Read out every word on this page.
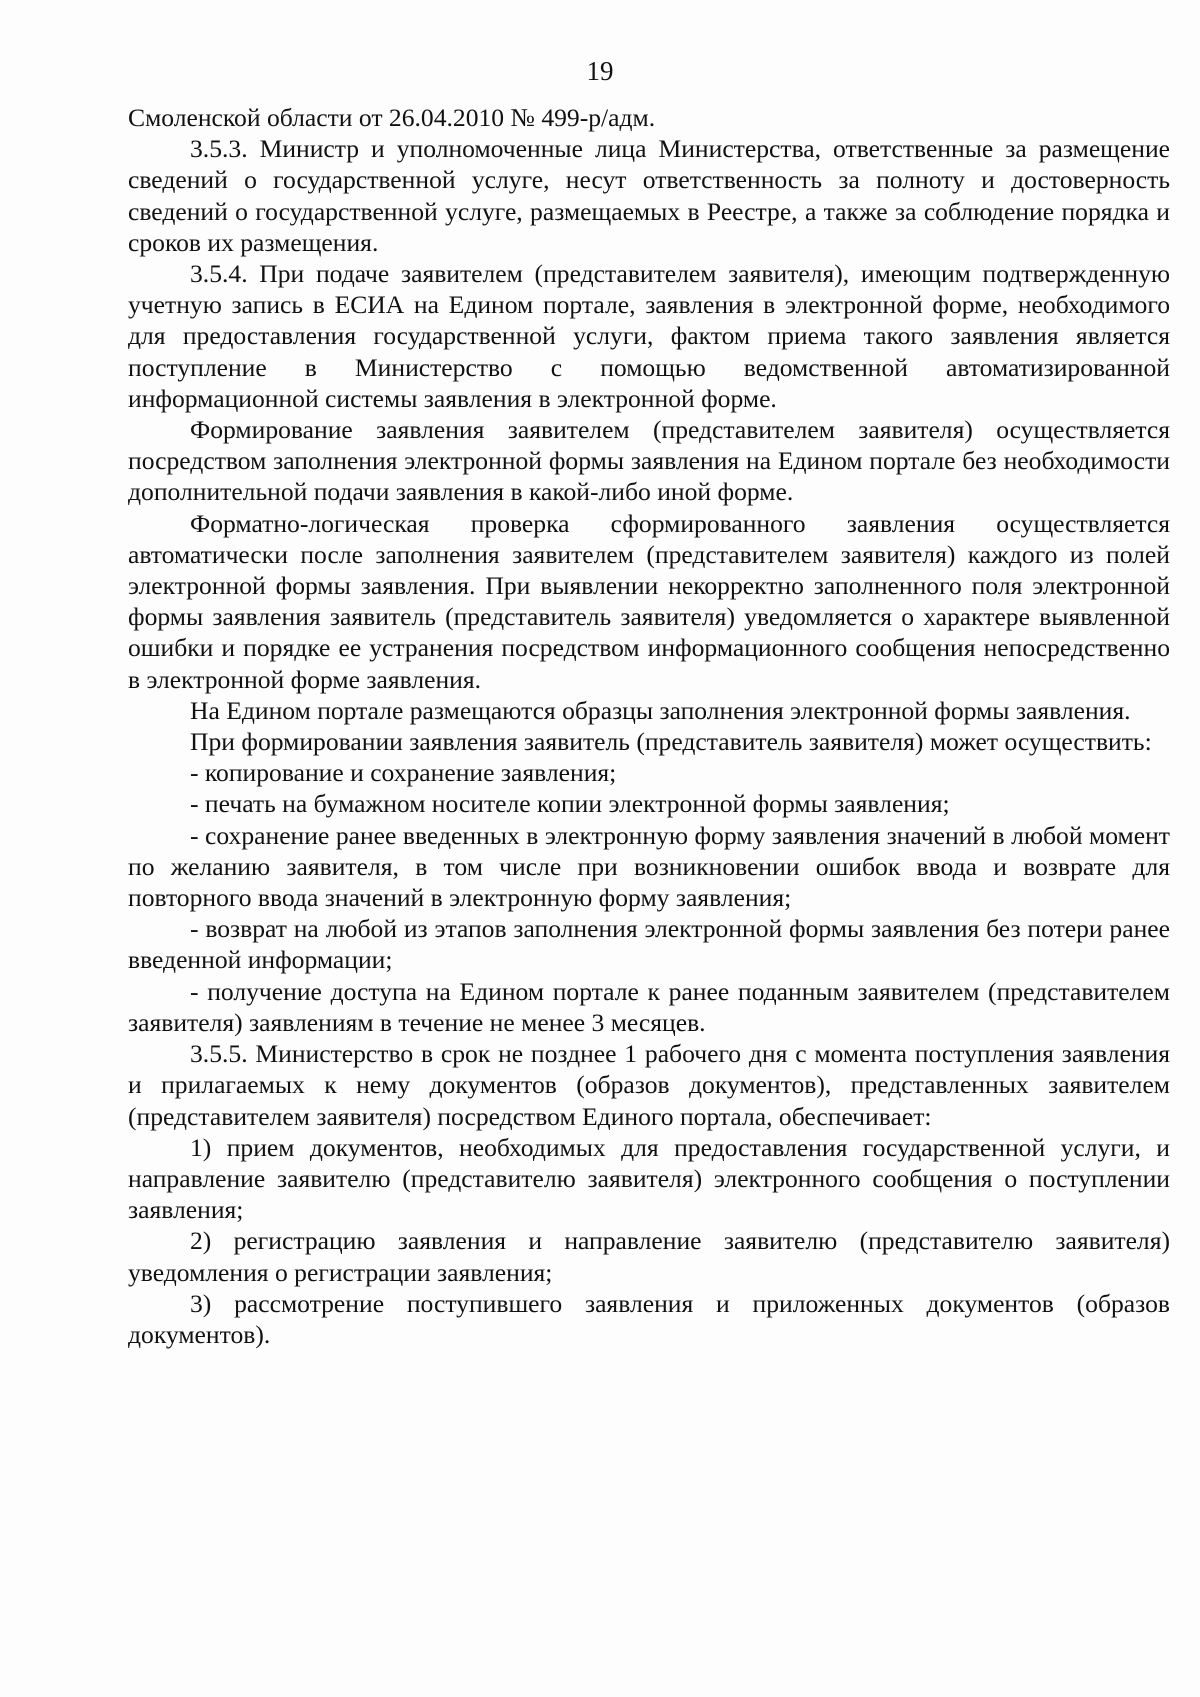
19

Смоленской области от 26.04.2010 № 499-р/адм.

3.5.3. Министр и уполномоченные лица Министерства, ответственные за размещение сведений о государственной услуге, несут ответственность за полноту и достоверность сведений о государственной услуге, размещаемых в Реестре, а также за соблюдение порядка и сроков их размещения.

3.5.4. При подаче заявителем (представителем заявителя), имеющим подтвержденную учетную запись в ЕСИА на Едином портале, заявления в электронной форме, необходимого для предоставления государственной услуги, фактом приема такого заявления является поступление в Министерство с помощью ведомственной автоматизированной информационной системы заявления в электронной форме.

Формирование заявления заявителем (представителем заявителя) осуществляется посредством заполнения электронной формы заявления на Едином портале без необходимости дополнительной подачи заявления в какой-либо иной форме.

Форматно-логическая проверка сформированного заявления осуществляется автоматически после заполнения заявителем (представителем заявителя) каждого из полей электронной формы заявления. При выявлении некорректно заполненного поля электронной формы заявления заявитель (представитель заявителя) уведомляется о характере выявленной ошибки и порядке ее устранения посредством информационного сообщения непосредственно в электронной форме заявления.

На Едином портале размещаются образцы заполнения электронной формы заявления.

При формировании заявления заявитель (представитель заявителя) может осуществить:

- копирование и сохранение заявления;

- печать на бумажном носителе копии электронной формы заявления;

- сохранение ранее введенных в электронную форму заявления значений в любой момент по желанию заявителя, в том числе при возникновении ошибок ввода и возврате для повторного ввода значений в электронную форму заявления;

- возврат на любой из этапов заполнения электронной формы заявления без потери ранее введенной информации;

- получение доступа на Едином портале к ранее поданным заявителем (представителем заявителя) заявлениям в течение не менее 3 месяцев.

3.5.5. Министерство в срок не позднее 1 рабочего дня с момента поступления заявления и прилагаемых к нему документов (образов документов), представленных заявителем (представителем заявителя) посредством Единого портала, обеспечивает:

1) прием документов, необходимых для предоставления государственной услуги, и направление заявителю (представителю заявителя) электронного сообщения о поступлении заявления;

2) регистрацию заявления и направление заявителю (представителю заявителя) уведомления о регистрации заявления;

3) рассмотрение поступившего заявления и приложенных документов (образов документов).
